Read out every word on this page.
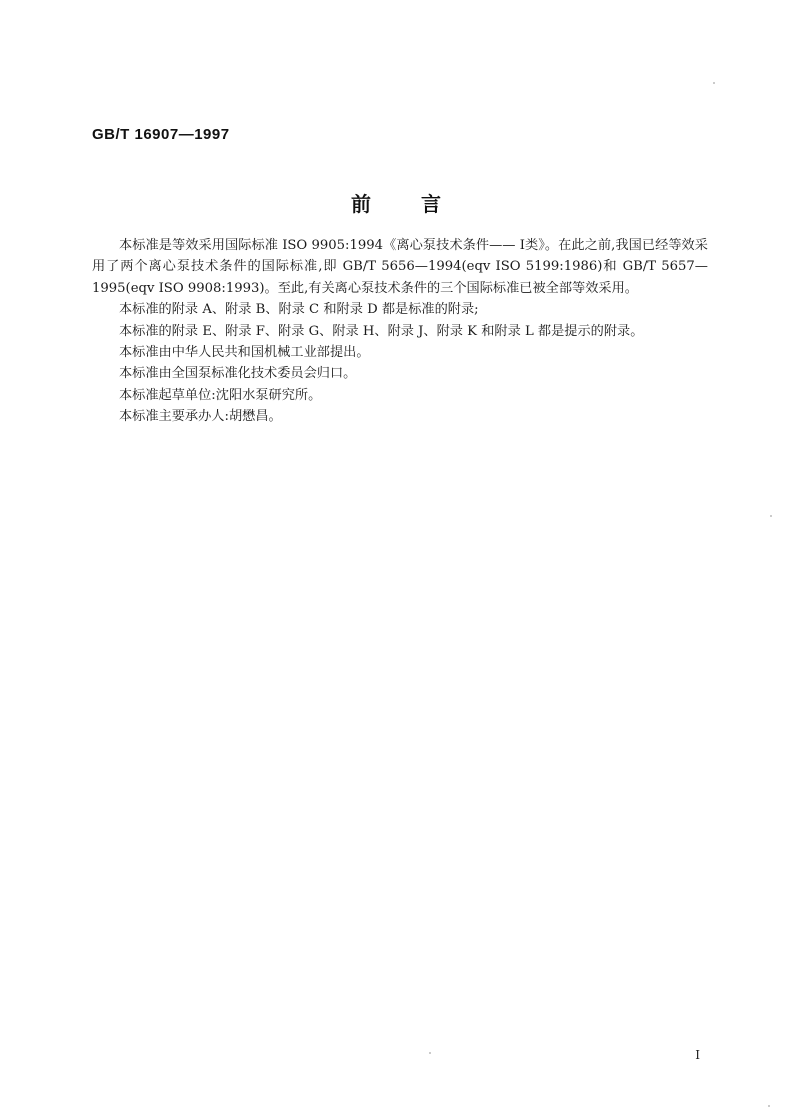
GB/T 16907—1997
前言

本标准是等效采用国际标准 ISO 9905:1994《离心泵技术条件—— Ⅰ类》。在此之前,我国已经等效采用了两个离心泵技术条件的国际标准,即 GB/T 5656—1994(eqv ISO 5199:1986)和 GB/T 5657—1995(eqv ISO 9908:1993)。至此,有关离心泵技术条件的三个国际标准已被全部等效采用。

本标准的附录 A、附录 B、附录 C 和附录 D 都是标准的附录;

本标准的附录 E、附录 F、附录 G、附录 H、附录 J、附录 K 和附录 L 都是提示的附录。

本标准由中华人民共和国机械工业部提出。

本标准由全国泵标准化技术委员会归口。

本标准起草单位:沈阳水泵研究所。

本标准主要承办人:胡懋昌。

I
